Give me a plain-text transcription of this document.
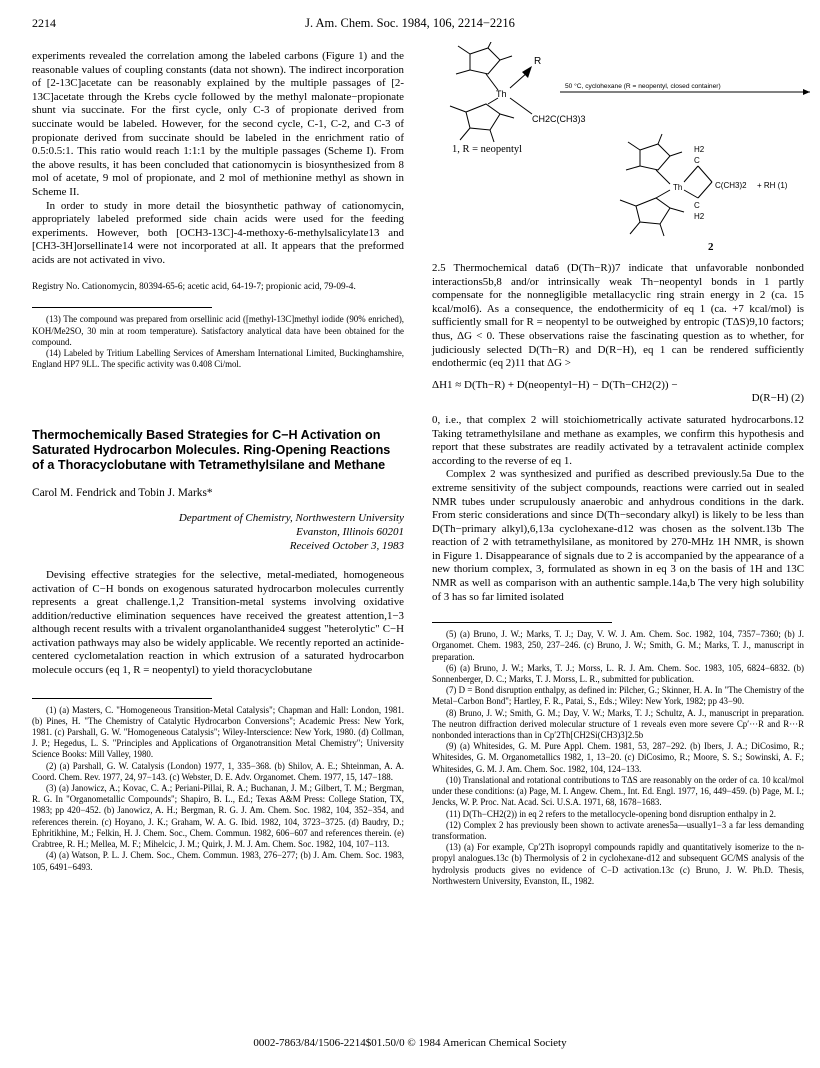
2214	J. Am. Chem. Soc. 1984, 106, 2214−2216

experiments revealed the correlation among the labeled carbons (Figure 1) and the reasonable values of coupling constants (data not shown). The indirect incorporation of [2-13C]acetate can be reasonably explained by the multiple passages of [2-13C]acetate through the Krebs cycle followed by the methyl malonate−propionate shunt via succinate. For the first cycle, only C-3 of propionate derived from succinate would be labeled. However, for the second cycle, C-1, C-2, and C-3 of propionate derived from succinate should be labeled in the enrichment ratio of 0.5:0.5:1. This ratio would reach 1:1:1 by the multiple passages (Scheme I). From the above results, it has been concluded that cationomycin is biosynthesized from 8 mol of acetate, 9 mol of propionate, and 2 mol of methionine methyl as shown in Scheme II.

In order to study in more detail the biosynthetic pathway of cationomycin, appropriately labeled preformed side chain acids were used for the feeding experiments. However, both [OCH3-13C]-4-methoxy-6-methylsalicylate13 and [CH3-3H]orsellinate14 were not incorporated at all. It appears that the preformed acids are not activated in vivo.

Registry No. Cationomycin, 80394-65-6; acetic acid, 64-19-7; propionic acid, 79-09-4.

(13) The compound was prepared from orsellinic acid ([methyl-13C]methyl iodide (90% enriched), KOH/Me2SO, 30 min at room temperature). Satisfactory analytical data have been obtained for the compound.

(14) Labeled by Tritium Labelling Services of Amersham International Limited, Buckinghamshire, England HP7 9LL. The specific activity was 0.408 Ci/mol.

Thermochemically Based Strategies for C−H Activation on Saturated Hydrocarbon Molecules. Ring-Opening Reactions of a Thoracyclobutane with Tetramethylsilane and Methane

Carol M. Fendrick and Tobin J. Marks*

Department of Chemistry, Northwestern University

Evanston, Illinois 60201

Received October 3, 1983

Devising effective strategies for the selective, metal-mediated, homogeneous activation of C−H bonds on exogenous saturated hydrocarbon molecules currently represents a great challenge.1,2 Transition-metal systems involving oxidative addition/reductive elimination sequences have received the greatest attention,1−3 although recent results with a trivalent organolanthanide4 suggest "heterolytic" C−H activation pathways may also be widely applicable. We recently reported an actinide-centered cyclometalation reaction in which extrusion of a saturated hydrocarbon molecule occurs (eq 1, R = neopentyl) to yield thoracyclobutane

(1) (a) Masters, C. "Homogeneous Transition-Metal Catalysis"; Chapman and Hall: London, 1981. (b) Pines, H. "The Chemistry of Catalytic Hydrocarbon Conversions"; Academic Press: New York, 1981. (c) Parshall, G. W. "Homogeneous Catalysis"; Wiley-Interscience: New York, 1980. (d) Collman, J. P.; Hegedus, L. S. "Principles and Applications of Organotransition Metal Chemistry"; University Science Books: Mill Valley, 1980.

(2) (a) Parshall, G. W. Catalysis (London) 1977, 1, 335−368. (b) Shilov, A. E.; Shteinman, A. A. Coord. Chem. Rev. 1977, 24, 97−143. (c) Webster, D. E. Adv. Organomet. Chem. 1977, 15, 147−188.

(3) (a) Janowicz, A.; Kovac, C. A.; Periani-Pillai, R. A.; Buchanan, J. M.; Gilbert, T. M.; Bergman, R. G. In "Organometallic Compounds"; Shapiro, B. L., Ed.; Texas A&M Press: College Station, TX, 1983; pp 420−452. (b) Janowicz, A. H.; Bergman, R. G. J. Am. Chem. Soc. 1982, 104, 352−354, and references therein. (c) Hoyano, J. K.; Graham, W. A. G. Ibid. 1982, 104, 3723−3725. (d) Baudry, D.; Ephritikhine, M.; Felkin, H. J. Chem. Soc., Chem. Commun. 1982, 606−607 and references therein. (e) Crabtree, R. H.; Mellea, M. F.; Mihelcic, J. M.; Quirk, J. M. J. Am. Chem. Soc. 1982, 104, 107−113.

(4) (a) Watson, P. L. J. Chem. Soc., Chem. Commun. 1983, 276−277; (b) J. Am. Chem. Soc. 1983, 105, 6491−6493.

R
Th
CH2C(CH3)3
50 °C, cyclohexane (R = neopentyl, closed container)
1, R = neopentyl
Th
H2
C
C(CH3)2 + RH (1)
C
H2
2

2.5 Thermochemical data6 (D(Th−R))7 indicate that unfavorable nonbonded interactions5b,8 and/or intrinsically weak Th−neopentyl bonds in 1 partly compensate for the nonnegligible metallacyclic ring strain energy in 2 (ca. 15 kcal/mol6). As a consequence, the endothermicity of eq 1 (ca. +7 kcal/mol) is sufficiently small for R = neopentyl to be outweighed by entropic (TΔS)9,10 factors; thus, ΔG < 0. These observations raise the fascinating question as to whether, for judiciously selected D(Th−R) and D(R−H), eq 1 can be rendered sufficiently endothermic (eq 2)11 that ΔG >

ΔH1 ≈ D(Th−R) + D(neopentyl−H) − D(Th−CH2(2)) −
D(R−H) (2)

0, i.e., that complex 2 will stoichiometrically activate saturated hydrocarbons.12 Taking tetramethylsilane and methane as examples, we confirm this hypothesis and report that these substrates are readily activated by a tetravalent actinide complex according to the reverse of eq 1.

Complex 2 was synthesized and purified as described previously.5a Due to the extreme sensitivity of the subject compounds, reactions were carried out in sealed NMR tubes under scrupulously anaerobic and anhydrous conditions in the dark. From steric considerations and since D(Th−secondary alkyl) is likely to be less than D(Th−primary alkyl),6,13a cyclohexane-d12 was chosen as the solvent.13b The reaction of 2 with tetramethylsilane, as monitored by 270-MHz 1H NMR, is shown in Figure 1. Disappearance of signals due to 2 is accompanied by the appearance of a new thorium complex, 3, formulated as shown in eq 3 on the basis of 1H and 13C NMR as well as comparison with an authentic sample.14a,b The very high solubility of 3 has so far limited isolated

(5) (a) Bruno, J. W.; Marks, T. J.; Day, V. W. J. Am. Chem. Soc. 1982, 104, 7357−7360; (b) J. Organomet. Chem. 1983, 250, 237−246. (c) Bruno, J. W.; Smith, G. M.; Marks, T. J., manuscript in preparation.

(6) (a) Bruno, J. W.; Marks, T. J.; Morss, L. R. J. Am. Chem. Soc. 1983, 105, 6824−6832. (b) Sonnenberger, D. C.; Marks, T. J. Morss, L. R., submitted for publication.

(7) D = Bond disruption enthalpy, as defined in: Pilcher, G.; Skinner, H. A. In "The Chemistry of the Metal−Carbon Bond"; Hartley, F. R., Patai, S., Eds.; Wiley: New York, 1982; pp 43−90.

(8) Bruno, J. W.; Smith, G. M.; Day, V. W.; Marks, T. J.; Schultz, A. J., manuscript in preparation. The neutron diffraction derived molecular structure of 1 reveals even more severe Cp′···R and R···R nonbonded interactions than in Cp′2Th[CH2Si(CH3)3]2.5b

(9) (a) Whitesides, G. M. Pure Appl. Chem. 1981, 53, 287−292. (b) Ibers, J. A.; DiCosimo, R.; Whitesides, G. M. Organometallics 1982, 1, 13−20. (c) DiCosimo, R.; Moore, S. S.; Sowinski, A. F.; Whitesides, G. M. J. Am. Chem. Soc. 1982, 104, 124−133.

(10) Translational and rotational contributions to TΔS are reasonably on the order of ca. 10 kcal/mol under these conditions: (a) Page, M. I. Angew. Chem., Int. Ed. Engl. 1977, 16, 449−459. (b) Page, M. I.; Jencks, W. P. Proc. Nat. Acad. Sci. U.S.A. 1971, 68, 1678−1683.

(11) D(Th−CH2(2)) in eq 2 refers to the metallocycle-opening bond disruption enthalpy in 2.

(12) Complex 2 has previously been shown to activate arenes5a—usually1−3 a far less demanding transformation.

(13) (a) For example, Cp′2Th isopropyl compounds rapidly and quantitatively isomerize to the n-propyl analogues.13c (b) Thermolysis of 2 in cyclohexane-d12 and subsequent GC/MS analysis of the hydrolysis products gives no evidence of C−D activation.13c (c) Bruno, J. W. Ph.D. Thesis, Northwestern University, Evanston, IL, 1982.

0002-7863/84/1506-2214$01.50/0 © 1984 American Chemical Society
